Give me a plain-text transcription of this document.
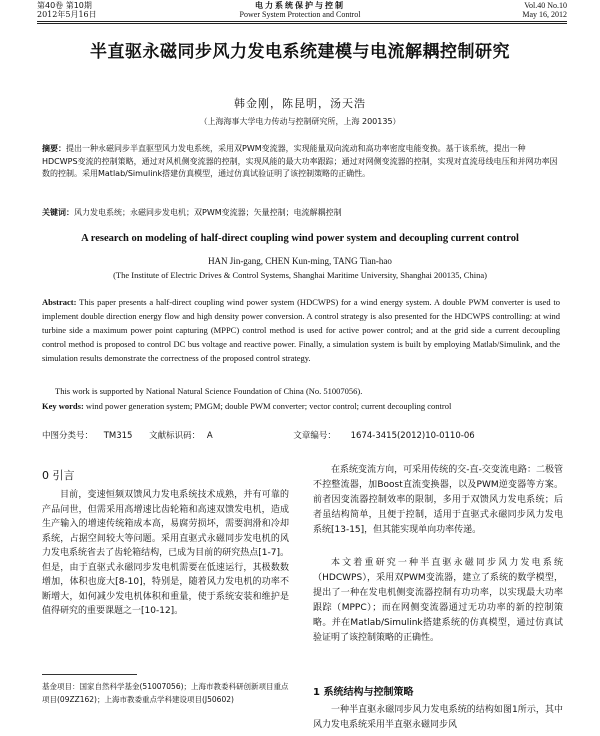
第40卷 第10期
2012年5月16日
电力系统保护与控制
Power System Protection and Control
Vol.40 No.10
May 16, 2012
半直驱永磁同步风力发电系统建模与电流解耦控制研究
韩金刚，陈昆明，汤天浩
（上海海事大学电力传动与控制研究所，上海 200135）
摘要：提出一种永磁同步半直驱型风力发电系统，采用双PWM变流器，实现能量双向流动和高功率密度电能变换。基于该系统，提出一种HDCWPS变流的控制策略，通过对风机侧变流器的控制，实现风能的最大功率跟踪；通过对网侧变流器的控制，实现对直流母线电压和并网功率因数的控制。采用Matlab/Simulink搭建仿真模型，通过仿真试验证明了该控制策略的正确性。
关键词：风力发电系统；永磁同步发电机；双PWM变流器；矢量控制；电流解耦控制
A research on modeling of half-direct coupling wind power system and decoupling current control
HAN Jin-gang, CHEN Kun-ming, TANG Tian-hao
(The Institute of Electric Drives & Control Systems, Shanghai Maritime University, Shanghai 200135, China)
Abstract: This paper presents a half-direct coupling wind power system (HDCWPS) for a wind energy system. A double PWM converter is used to implement double direction energy flow and high density power conversion. A control strategy is also presented for the HDCWPS controlling: at wind turbine side a maximum power point capturing (MPPC) control method is used for active power control; and at the grid side a current decoupling control method is proposed to control DC bus voltage and reactive power. Finally, a simulation system is built by employing Matlab/Simulink, and the simulation results demonstrate the correctness of the proposed control strategy.
This work is supported by National Natural Science Foundation of China (No. 51007056).
Key words: wind power generation system; PMGM; double PWM converter; vector control; current decoupling control
中图分类号： TM315 文献标识码： A	文章编号： 1674-3415(2012)10-0110-06
0 引言
目前，变速恒频双馈风力发电系统技术成熟，并有可靠的产品问世，但需采用高增速比齿轮箱和高速双馈发电机，造成生产输入的增速传统箱成本高，易腐劳损坏，需要润滑和冷却系统，占据空间较大等问题。采用直驱式永磁同步发电机的风力发电系统省去了齿轮箱结构，已成为目前的研究热点[1-7]。但是，由于直驱式永磁同步发电机需要在低速运行，其极数数增加，体积也庞大[8-10]，特别是，随着风力发电机的功率不断增大，如何减少发电机体积和重量，使于系统安装和维护是值得研究的重要课题之一[10-12]。
基金项目：国家自然科学基金(51007056)；上海市教委科研创新项目重点项目(09ZZ162)；上海市教委重点学科建设项目(J50602)
在系统变流方向，可采用传统的交-直-交变流电路：二极管不控整流器，加Boost直流变换器，以及PWM逆变器等方案。前者因变流器控制效率的限制，多用于双馈风力发电系统；后者虽结构简单，且便于控制，适用于直驱式永磁同步风力发电系统[13-15]，但其能实现单向功率传递。
本文着重研究一种半直驱永磁同步风力发电系统（HDCWPS），采用双PWM变流器，建立了系统的数学模型，提出了一种在发电机侧变流器控制有功功率，以实现最大功率跟踪（MPPC）；而在网侧变流器通过无功功率的新的控制策略。并在Matlab/Simulink搭建系统的仿真模型，通过仿真试验证明了该控制策略的正确性。
1 系统结构与控制策略
一种半直驱永磁同步风力发电系统的结构如图1所示，其中风力发电系统采用半直驱永磁同步风
